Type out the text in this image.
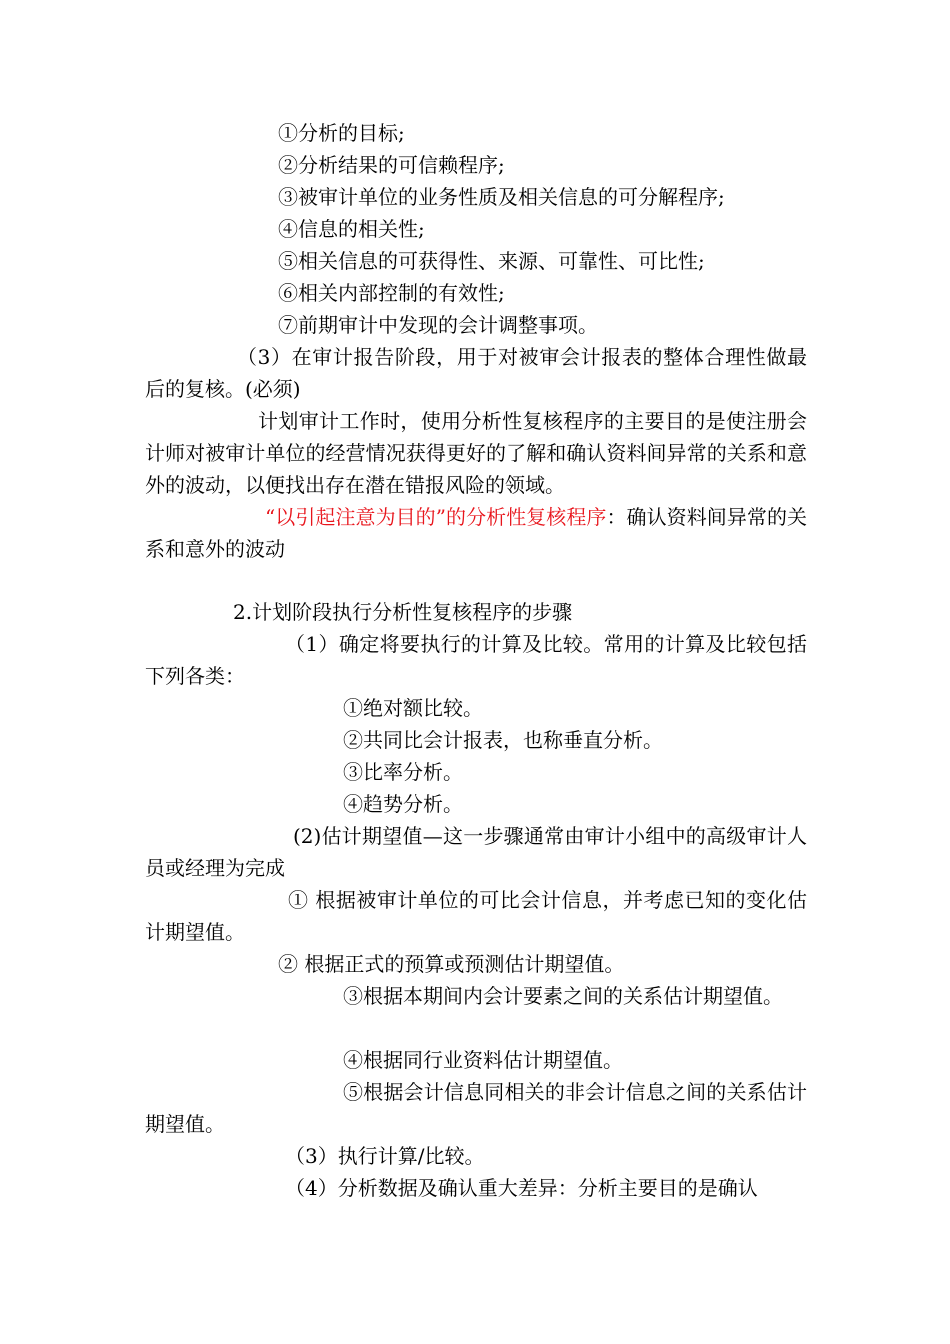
①分析的目标;
②分析结果的可信赖程序;
③被审计单位的业务性质及相关信息的可分解程序;
④信息的相关性;
⑤相关信息的可获得性、来源、可靠性、可比性;
⑥相关内部控制的有效性;
⑦前期审计中发现的会计调整事项。
（3）在审计报告阶段，用于对被审会计报表的整体合理性做最后的复核。(必须)
计划审计工作时，使用分析性复核程序的主要目的是使注册会计师对被审计单位的经营情况获得更好的了解和确认资料间异常的关系和意外的波动，以便找出存在潜在错报风险的领域。
“以引起注意为目的”的分析性复核程序：确认资料间异常的关系和意外的波动
2.计划阶段执行分析性复核程序的步骤
（1）确定将要执行的计算及比较。常用的计算及比较包括下列各类：
①绝对额比较。
②共同比会计报表，也称垂直分析。
③比率分析。
④趋势分析。
(2)估计期望值—这一步骤通常由审计小组中的高级审计人员或经理为完成
① 根据被审计单位的可比会计信息，并考虑已知的变化估计期望值。
② 根据正式的预算或预测估计期望值。
③根据本期间内会计要素之间的关系估计期望值。
④根据同行业资料估计期望值。
⑤根据会计信息同相关的非会计信息之间的关系估计期望值。
（3）执行计算/比较。
（4）分析数据及确认重大差异：分析主要目的是确认
